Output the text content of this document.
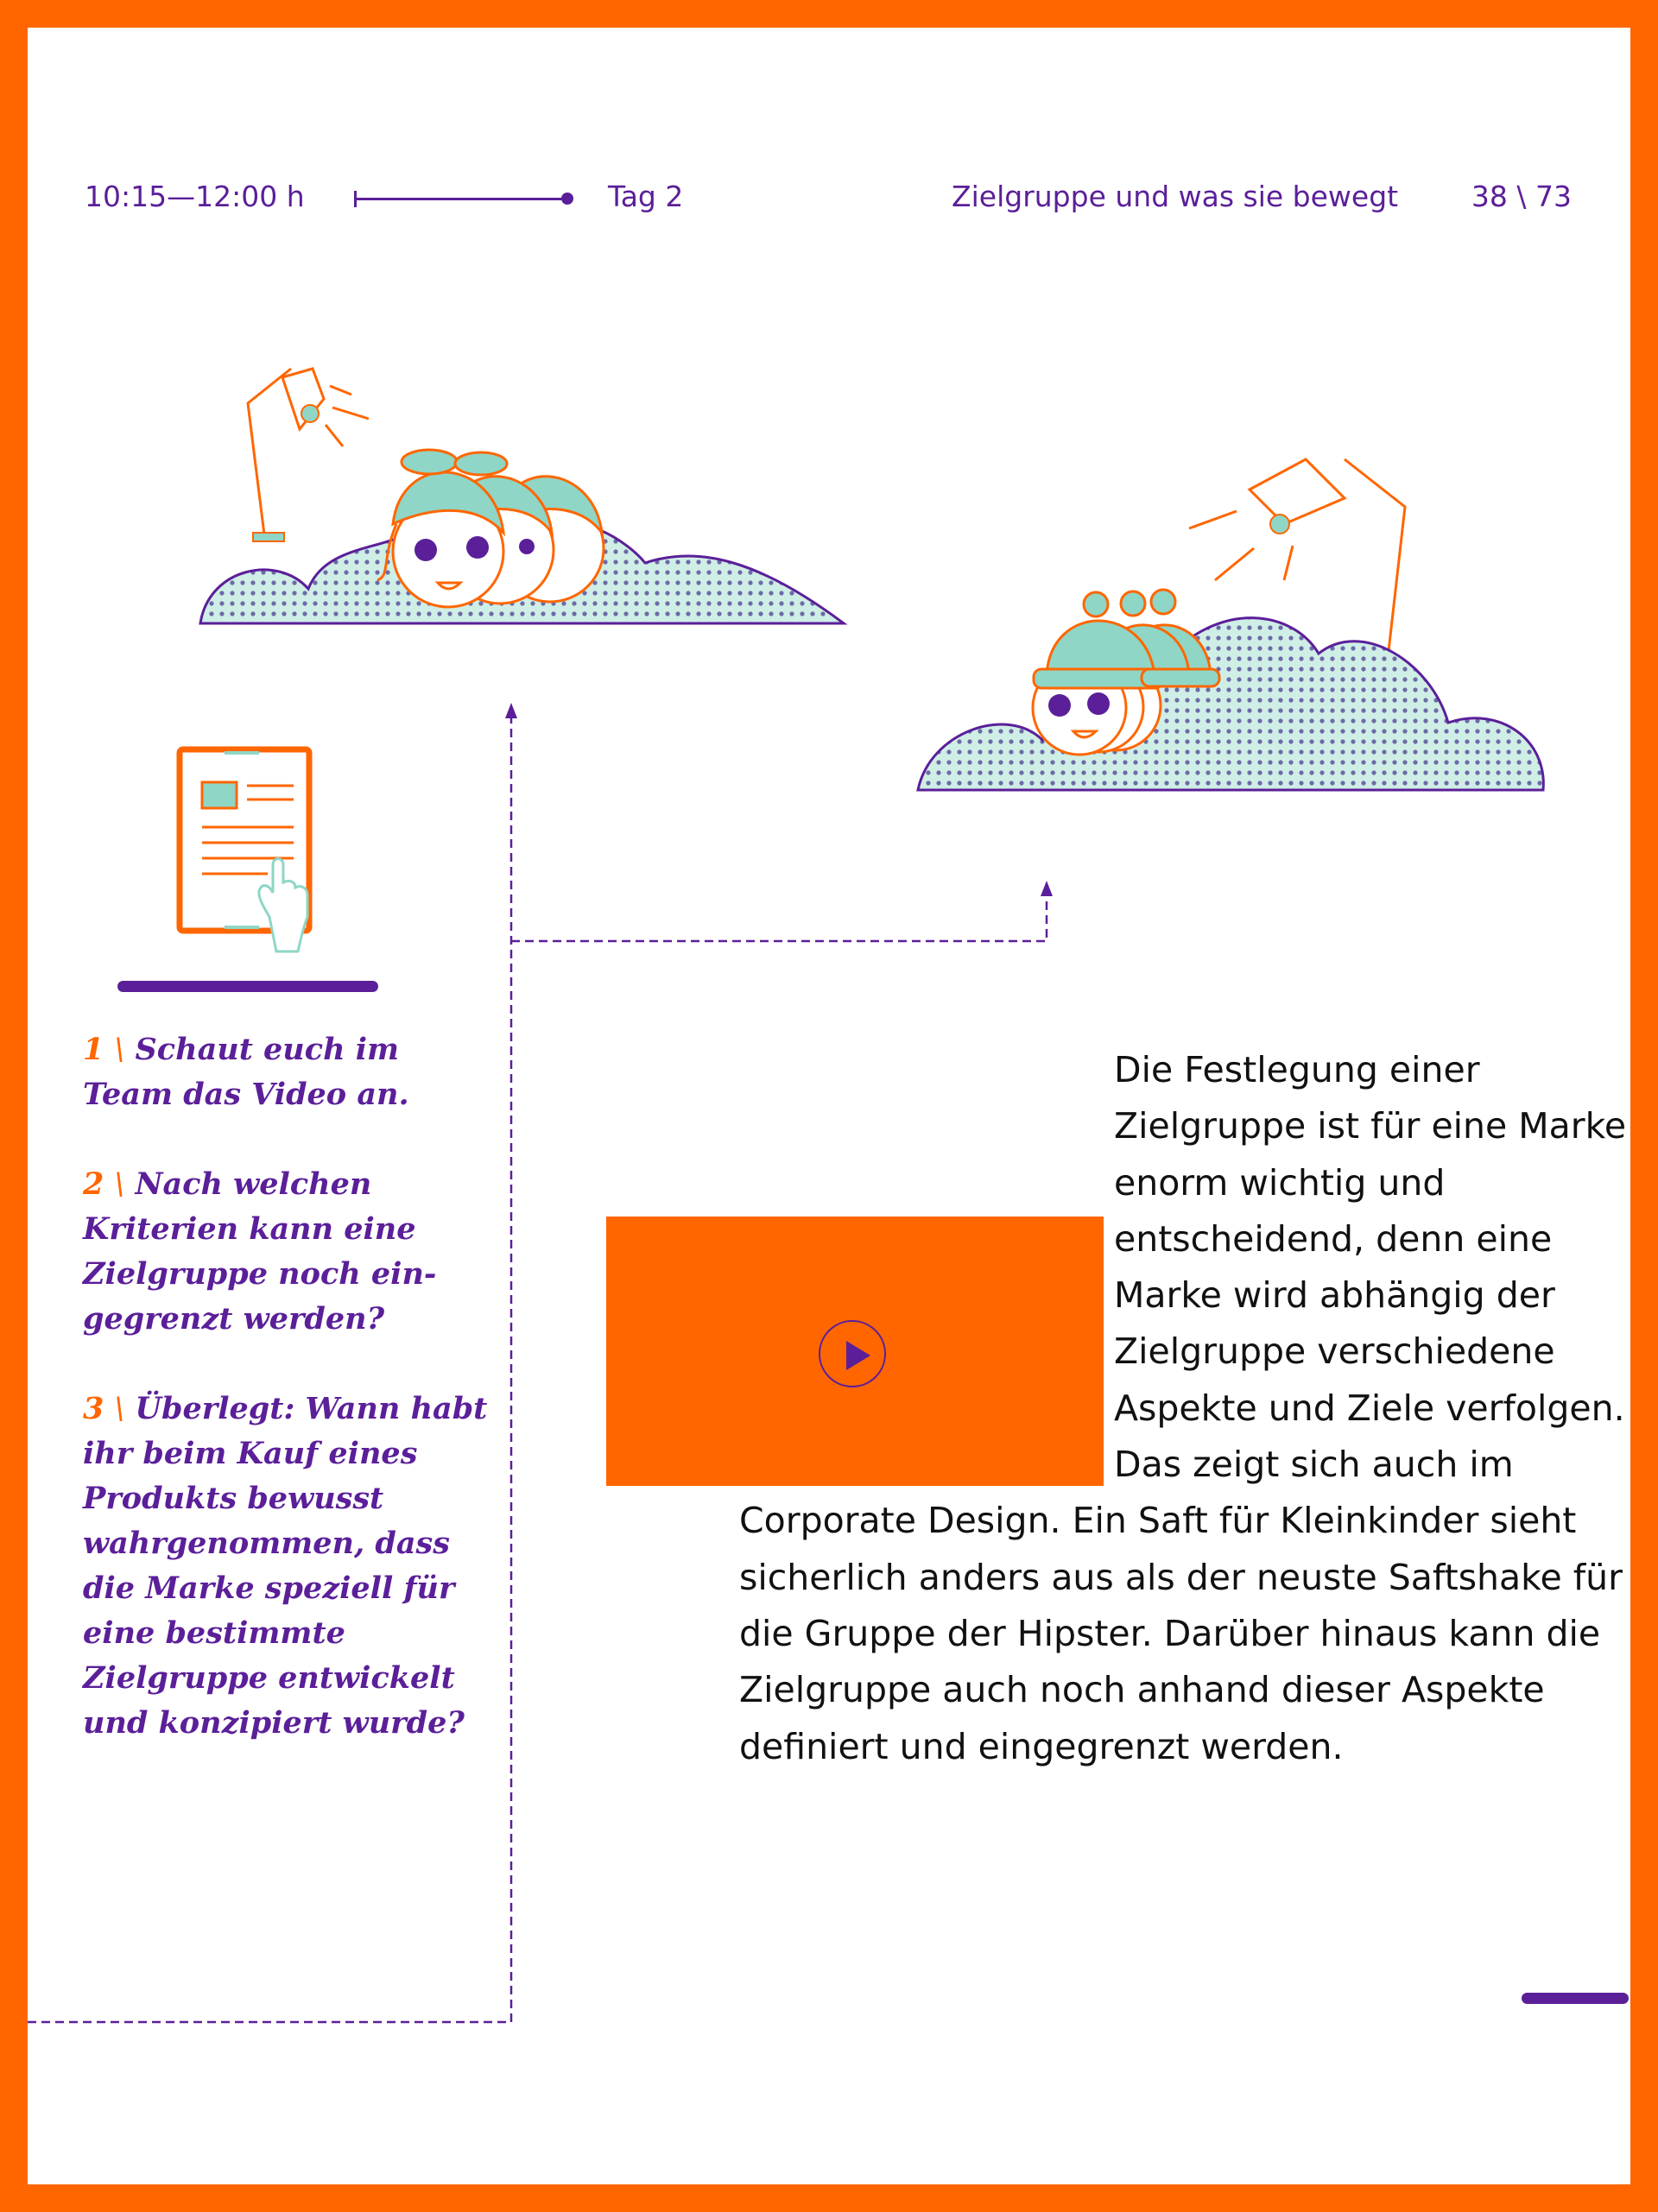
10:15—12:00 h	Tag 2	Zielgruppe und was sie bewegt	38 \ 73

1 \ Schaut euch im Team das Video an.

2 \ Nach welchen Kriterien kann eine Zielgruppe noch eingegrenzt werden?

3 \ Überlegt: Wann habt ihr beim Kauf eines Produkts bewusst wahrgenommen, dass die Marke speziell für eine bestimmte Zielgruppe entwickelt und konzipiert wurde?

Die Festlegung einer Zielgruppe ist für eine Marke enorm wichtig und entscheidend, denn eine Marke wird abhängig der Zielgruppe verschiedene Aspekte und Ziele verfolgen. Das zeigt sich auch im Corporate Design. Ein Saft für Kleinkinder sieht sicherlich anders aus als der neuste Saftshake für die Gruppe der Hipster. Darüber hinaus kann die Zielgruppe auch noch anhand dieser Aspekte definiert und eingegrenzt werden.
